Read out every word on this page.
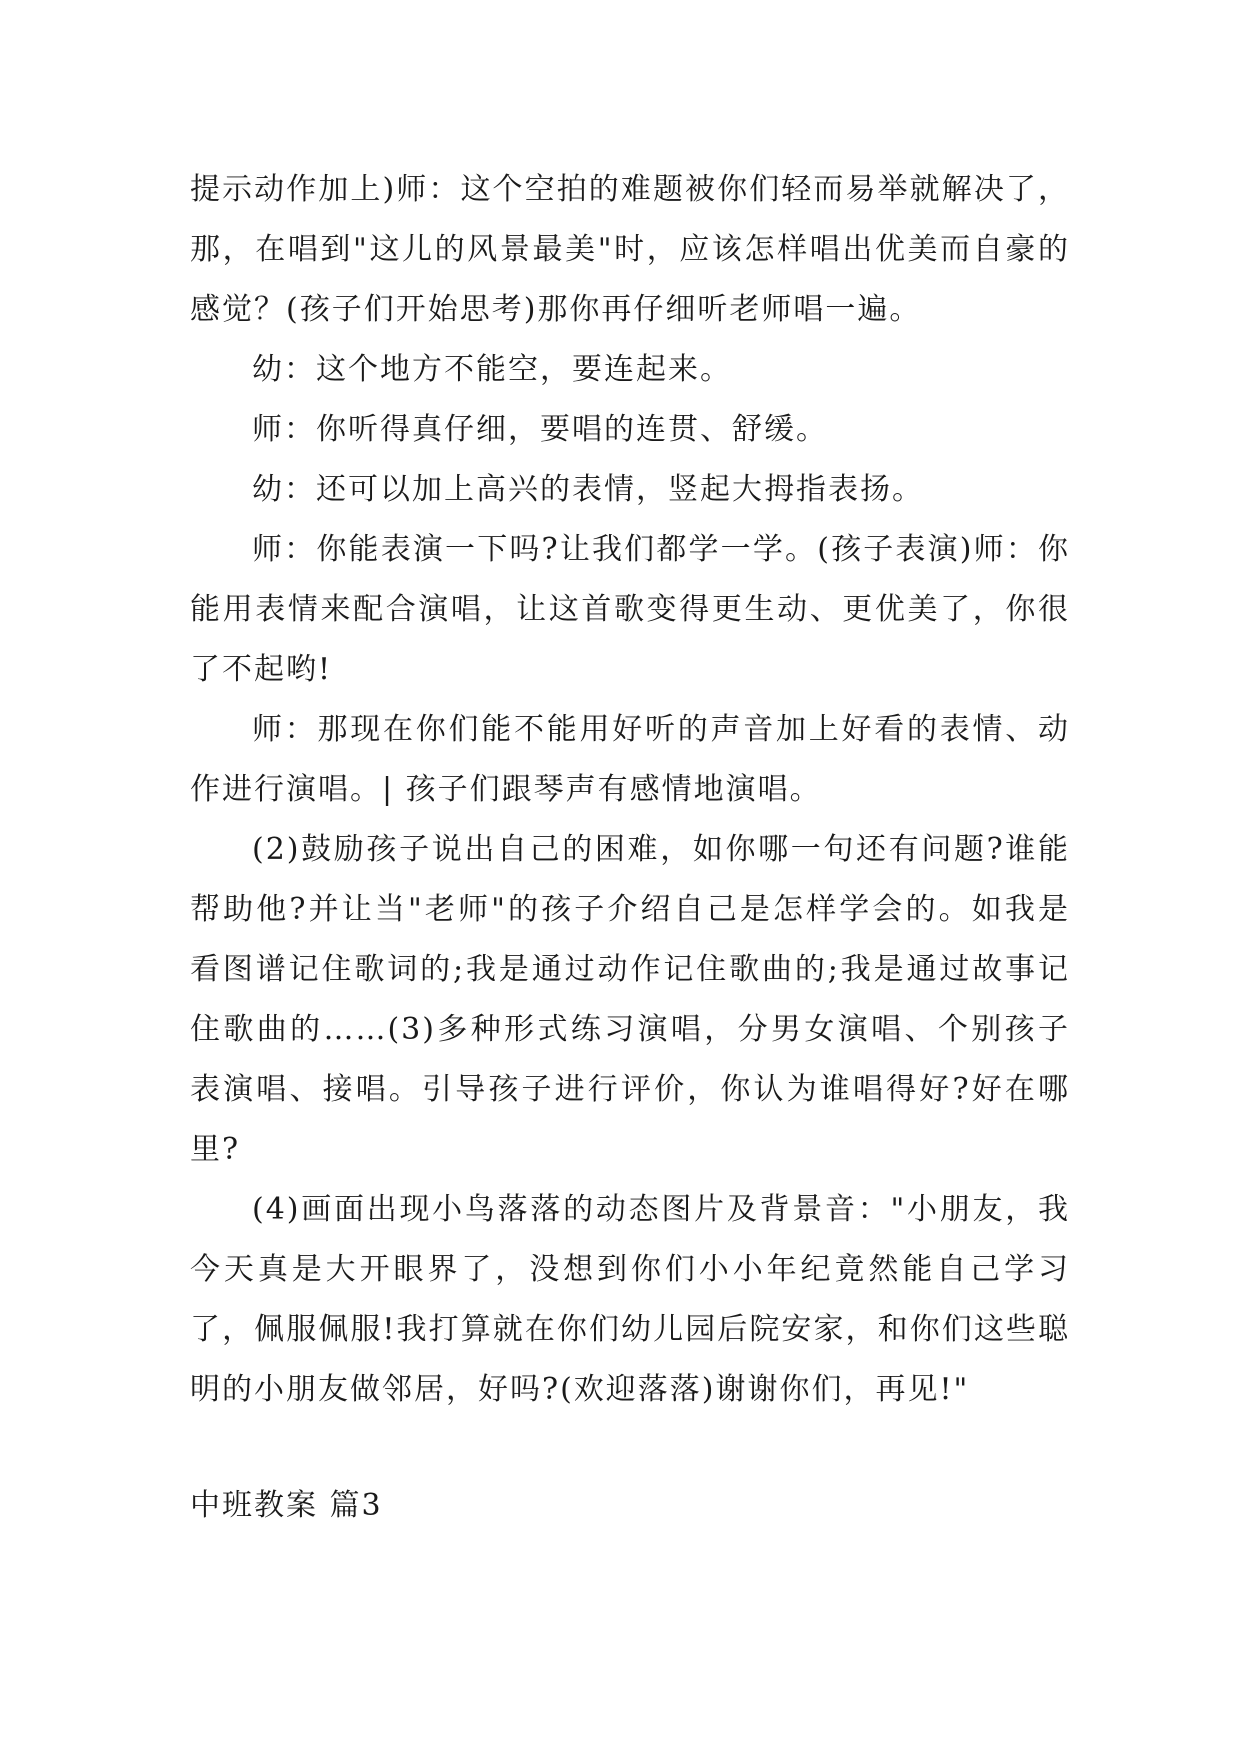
提示动作加上)师：这个空拍的难题被你们轻而易举就解决了，那，在唱到"这儿的风景最美"时，应该怎样唱出优美而自豪的感觉？(孩子们开始思考)那你再仔细听老师唱一遍。

幼：这个地方不能空，要连起来。

师：你听得真仔细，要唱的连贯、舒缓。

幼：还可以加上高兴的表情，竖起大拇指表扬。

师：你能表演一下吗?让我们都学一学。(孩子表演)师：你能用表情来配合演唱，让这首歌变得更生动、更优美了，你很了不起哟!

师：那现在你们能不能用好听的声音加上好看的表情、动作进行演唱。| 孩子们跟琴声有感情地演唱。

(2)鼓励孩子说出自己的困难，如你哪一句还有问题?谁能帮助他?并让当"老师"的孩子介绍自己是怎样学会的。如我是看图谱记住歌词的;我是通过动作记住歌曲的;我是通过故事记住歌曲的……(3)多种形式练习演唱，分男女演唱、个别孩子表演唱、接唱。引导孩子进行评价，你认为谁唱得好?好在哪里?

(4)画面出现小鸟落落的动态图片及背景音："小朋友，我今天真是大开眼界了，没想到你们小小年纪竟然能自己学习了，佩服佩服!我打算就在你们幼儿园后院安家，和你们这些聪明的小朋友做邻居，好吗?(欢迎落落)谢谢你们，再见!"

中班教案 篇3
